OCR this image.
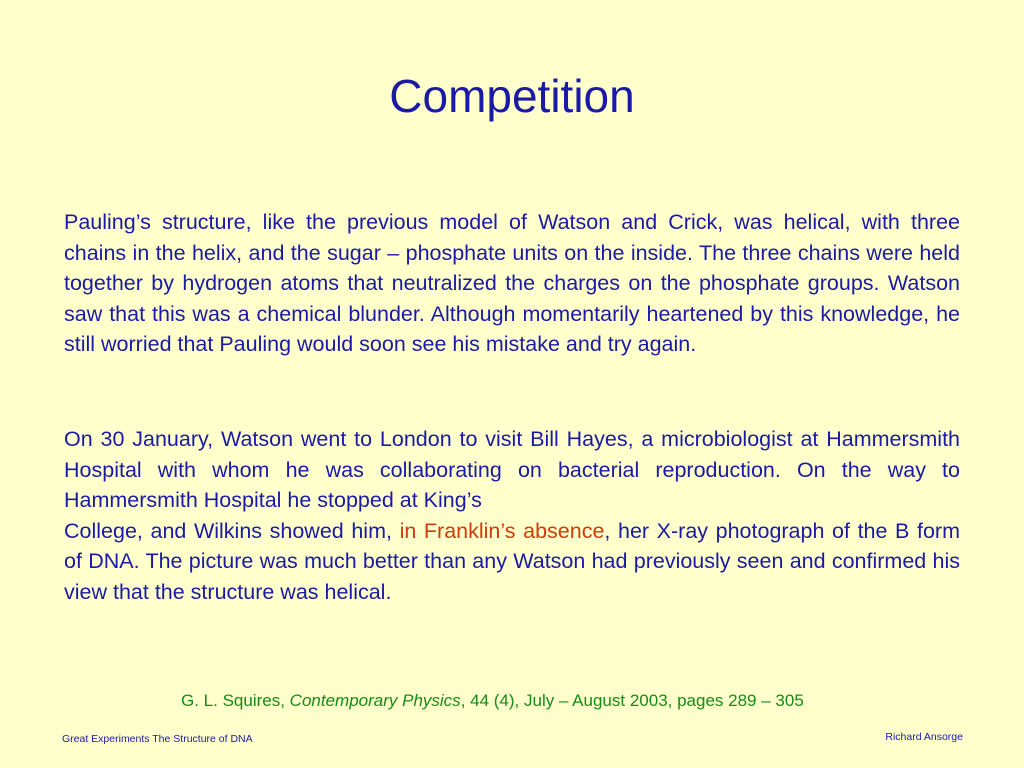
Competition
Pauling’s structure, like the previous model of Watson and Crick, was helical, with three chains in the helix, and the sugar – phosphate units on the inside. The three chains were held together by hydrogen atoms that neutralized the charges on the phosphate groups. Watson saw that this was a chemical blunder. Although momentarily heartened by this knowledge, he still worried that Pauling would soon see his mistake and try again.
On 30 January, Watson went to London to visit Bill Hayes, a microbiologist at Hammersmith Hospital with whom he was collaborating on bacterial reproduction. On the way to Hammersmith Hospital he stopped at King’s
College, and Wilkins showed him, in Franklin’s absence, her X-ray photograph of the B form of DNA. The picture was much better than any Watson had previously seen and confirmed his view that the structure was helical.
G. L. Squires, Contemporary Physics, 44 (4), July – August 2003, pages 289 – 305
Great Experiments The Structure of DNA	Richard Ansorge
